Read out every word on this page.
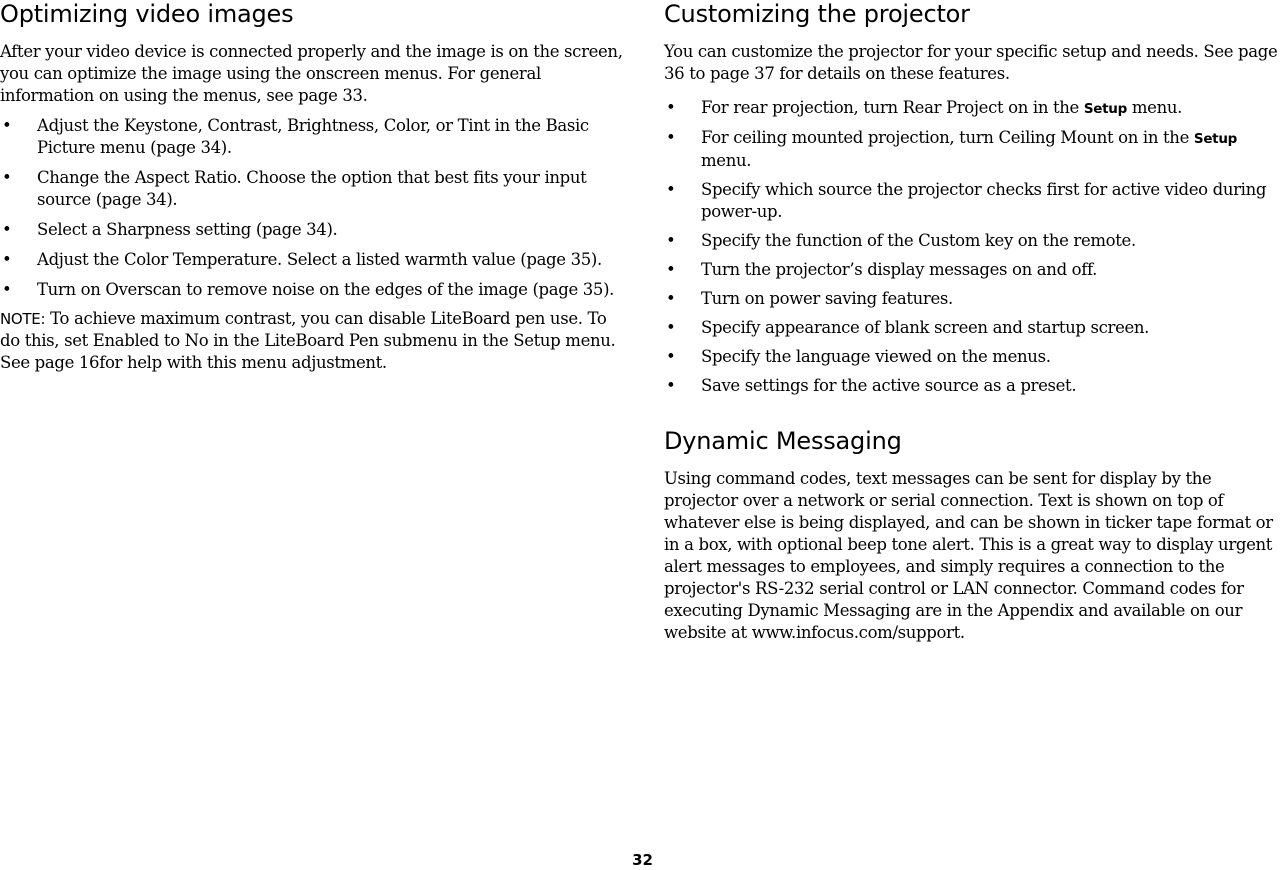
Optimizing video images

After your video device is connected properly and the image is on the screen, you can optimize the image using the onscreen menus. For general information on using the menus, see page 33.

• Adjust the Keystone, Contrast, Brightness, Color, or Tint in the Basic Picture menu (page 34).
• Change the Aspect Ratio. Choose the option that best fits your input source (page 34).
• Select a Sharpness setting (page 34).
• Adjust the Color Temperature. Select a listed warmth value (page 35).
• Turn on Overscan to remove noise on the edges of the image (page 35).

NOTE: To achieve maximum contrast, you can disable LiteBoard pen use. To do this, set Enabled to No in the LiteBoard Pen submenu in the Setup menu. See page 16for help with this menu adjustment.

Customizing the projector

You can customize the projector for your specific setup and needs. See page 36 to page 37 for details on these features.

• For rear projection, turn Rear Project on in the Setup menu.
• For ceiling mounted projection, turn Ceiling Mount on in the Setup menu.
• Specify which source the projector checks first for active video during power-up.
• Specify the function of the Custom key on the remote.
• Turn the projector’s display messages on and off.
• Turn on power saving features.
• Specify appearance of blank screen and startup screen.
• Specify the language viewed on the menus.
• Save settings for the active source as a preset.
Dynamic Messaging

Using command codes, text messages can be sent for display by the projector over a network or serial connection. Text is shown on top of whatever else is being displayed, and can be shown in ticker tape format or in a box, with optional beep tone alert. This is a great way to display urgent alert messages to employees, and simply requires a connection to the projector's RS-232 serial control or LAN connector. Command codes for executing Dynamic Messaging are in the Appendix and available on our website at www.infocus.com/support.

32
